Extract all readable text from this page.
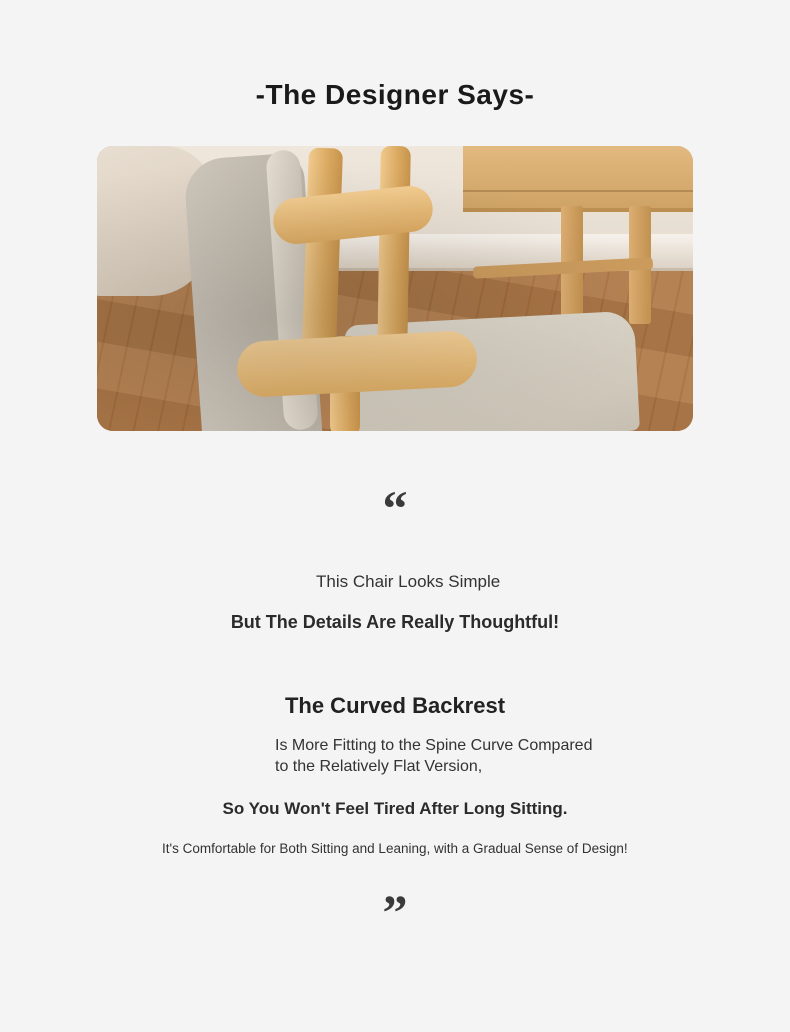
-The Designer Says-
“
This Chair Looks Simple
But The Details Are Really Thoughtful!
The Curved Backrest
Is More Fitting to the Spine Curve Compared to the Relatively Flat Version,
So You Won't Feel Tired After Long Sitting.
It's Comfortable for Both Sitting and Leaning, with a Gradual Sense of Design!
”
